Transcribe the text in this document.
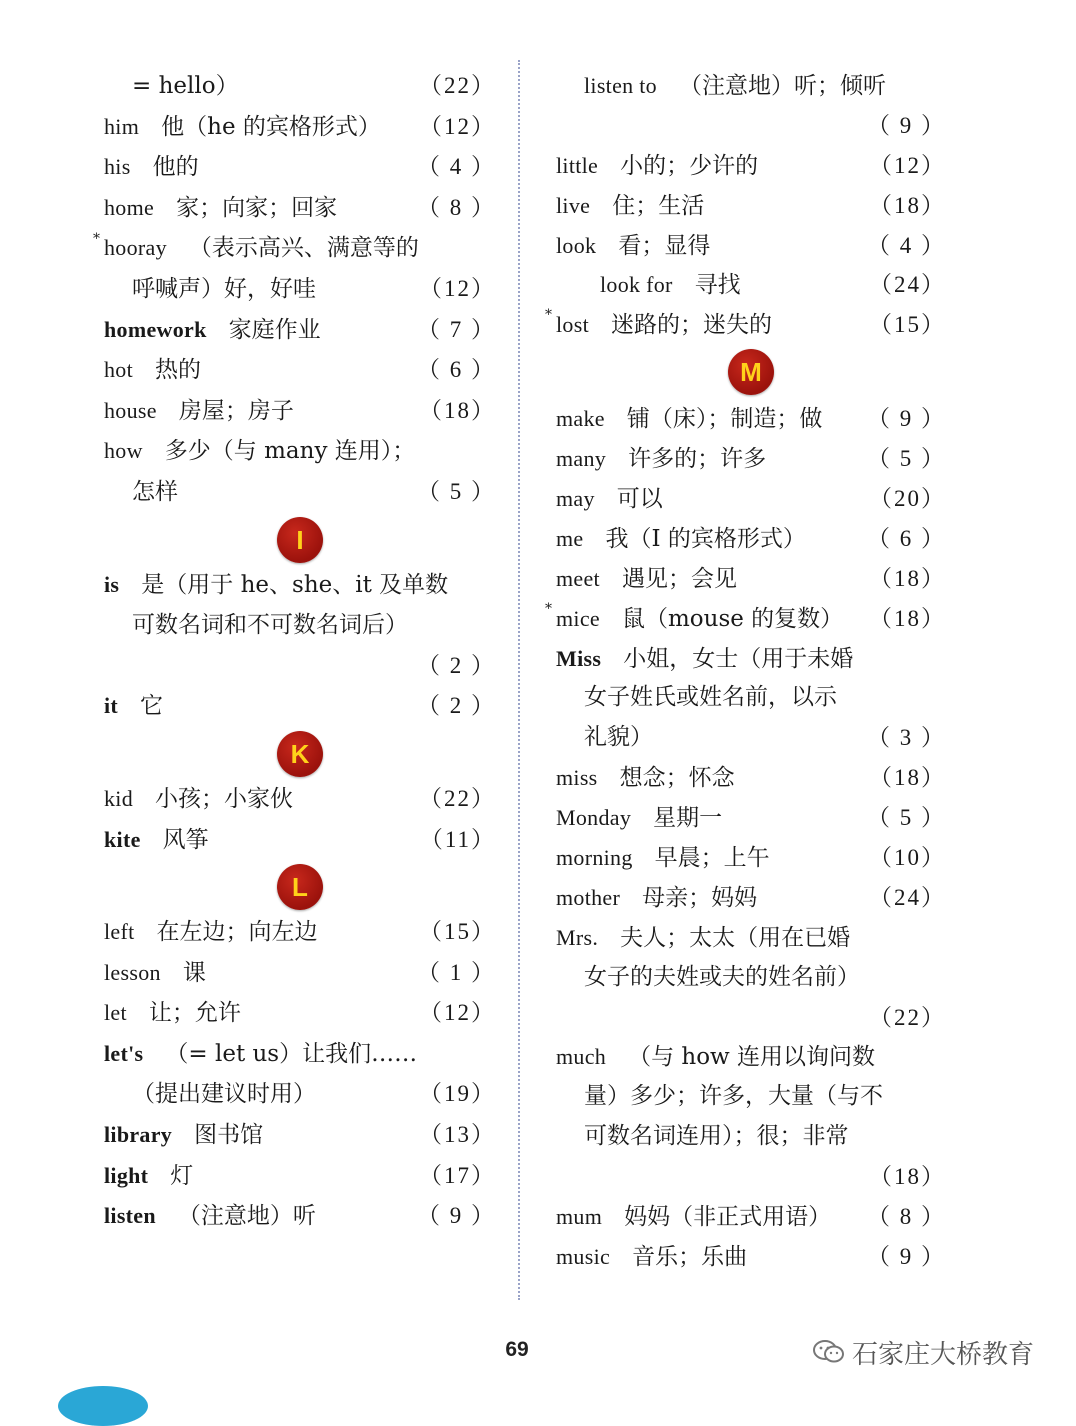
= hello）	（22）
him 他（he 的宾格形式） （12）
his 他的	（ 4 ）
home 家；向家；回家	（ 8 ）
* hooray （表示高兴、满意等的
呼喊声）好，好哇	（12）
homework 家庭作业	（ 7 ）
hot 热的	（ 6 ）
house 房屋；房子	（18）
how 多少（与 many 连用）；
怎样	（ 5 ）
I
is 是（用于 he、she、it 及单数
可数名词和不可数名词后）
（ 2 ）
it 它	（ 2 ）
K
kid 小孩；小家伙	（22）
kite 风筝	（11）
L
left 在左边；向左边	（15）
lesson 课	（ 1 ）
let 让；允许	（12）
let's （= let us）让我们……
（提出建议时用）	（19）
library 图书馆	（13）
light 灯	（17）
listen （注意地）听	（ 9 ）
listen to （注意地）听；倾听
（ 9 ）
little 小的；少许的	（12）
live 住；生活	（18）
look 看；显得	（ 4 ）
look for 寻找	（24）
* lost 迷路的；迷失的	（15）
M
make 铺（床）；制造；做 （ 9 ）
many 许多的；许多	（ 5 ）
may 可以	（20）
me 我（I 的宾格形式）	（ 6 ）
meet 遇见；会见	（18）
* mice 鼠（mouse 的复数） （18）
Miss 小姐，女士（用于未婚
女子姓氏或姓名前，以示
礼貌）	（ 3 ）
miss 想念；怀念	（18）
Monday 星期一	（ 5 ）
morning 早晨；上午	（10）
mother 母亲；妈妈	（24）
Mrs. 夫人；太太（用在已婚
女子的夫姓或夫的姓名前）
（22）
much （与 how 连用以询问数
量）多少；许多，大量（与不
可数名词连用）；很；非常
（18）
mum 妈妈（非正式用语） （ 8 ）
music 音乐；乐曲	（ 9 ）
69	石家庄大桥教育
